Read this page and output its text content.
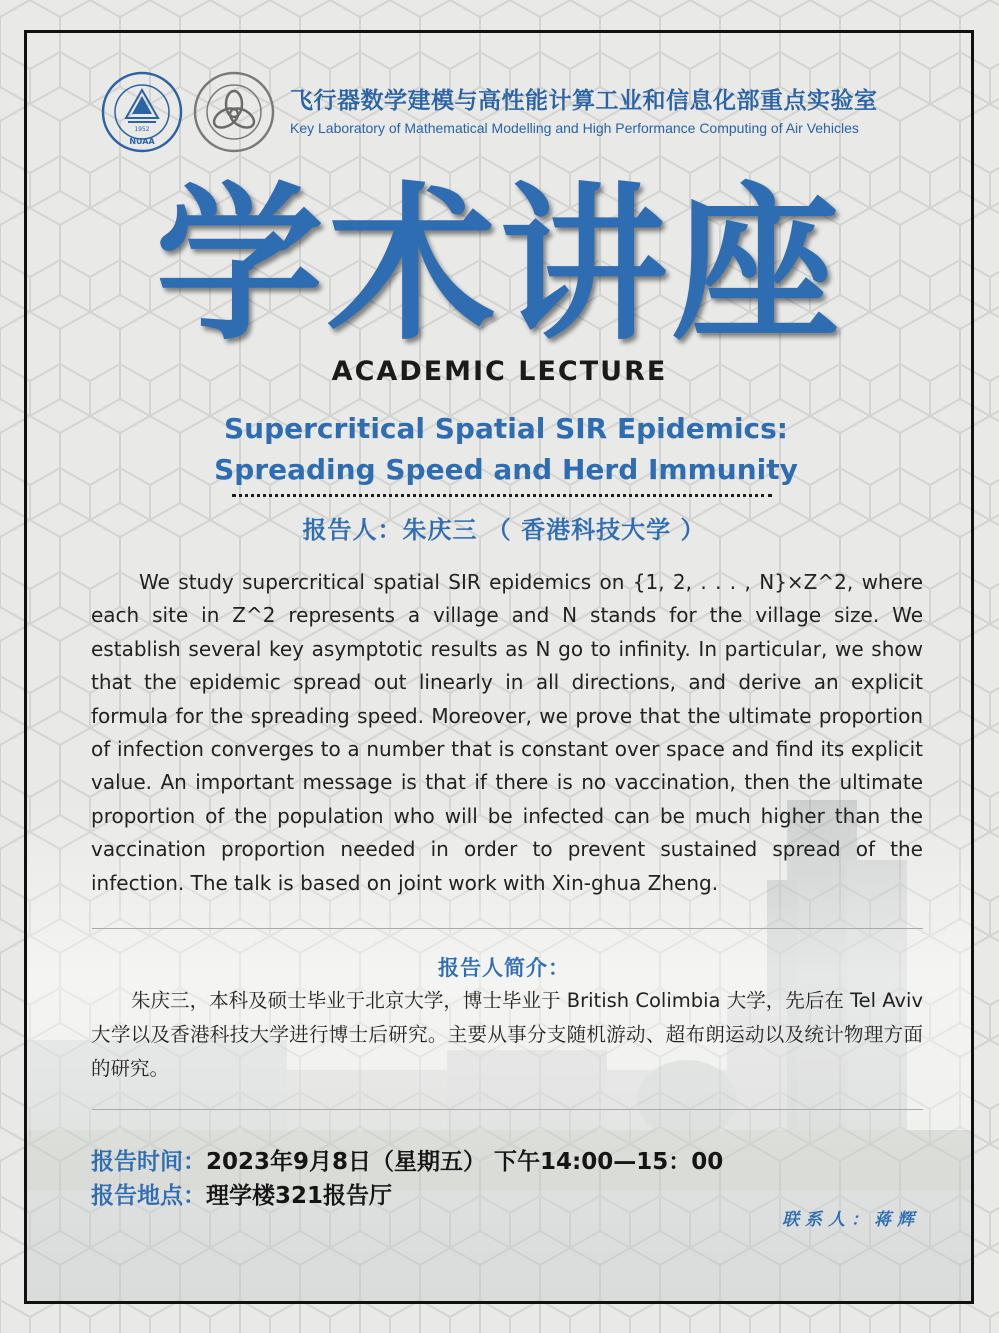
1952
NUAA
飞行器数学建模与高性能计算工业和信息化部重点实验室
Key Laboratory of Mathematical Modelling and High Performance Computing of Air Vehicles
学术讲座
ACADEMIC LECTURE
Supercritical Spatial SIR Epidemics:
Spreading Speed and Herd Immunity
报告人：朱庆三 （ 香港科技大学 ）
We study supercritical spatial SIR epidemics on {1, 2, . . . , N}×Z^2, where each site in Z^2 represents a village and N stands for the village size. We establish several key asymptotic results as N go to infinity. In particular, we show that the epidemic spread out linearly in all directions, and derive an explicit formula for the spreading speed. Moreover, we prove that the ultimate proportion of infection converges to a number that is constant over space and find its explicit value. An important message is that if there is no vaccination, then the ultimate proportion of the population who will be infected can be much higher than the vaccination proportion needed in order to prevent sustained spread of the infection. The talk is based on joint work with Xin-ghua Zheng.
报告人简介：
朱庆三，本科及硕士毕业于北京大学，博士毕业于 British Colimbia 大学，先后在 Tel Aviv 大学以及香港科技大学进行博士后研究。主要从事分支随机游动、超布朗运动以及统计物理方面的研究。
报告时间：2023年9月8日（星期五） 下午14:00—15：00
报告地点：理学楼321报告厅
联系人：蒋辉
